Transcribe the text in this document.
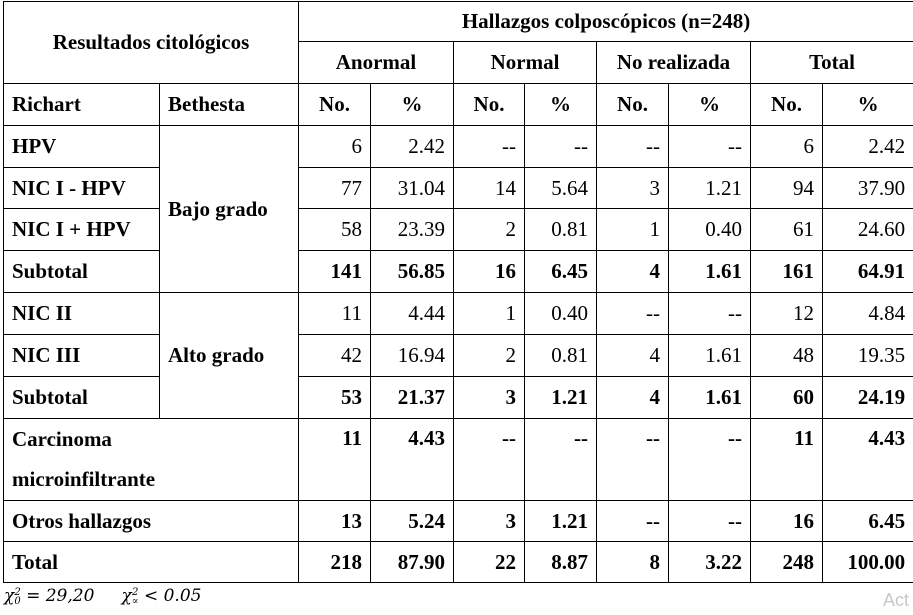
Resultados citológicos		Hallazgos colposcópicos (n=248)							
		Anormal		Normal		No realizada		Total	
Richart	Bethesta	No.	%	No.	%	No.	%	No.	%
HPV	Bajo grado	6	2.42	--	--	--	--	6	2.42
NIC I - HPV		77	31.04	14	5.64	3	1.21	94	37.90
NIC I + HPV		58	23.39	2	0.81	1	0.40	61	24.60
Subtotal		141	56.85	16	6.45	4	1.61	161	64.91
NIC II	Alto grado	11	4.44	1	0.40	--	--	12	4.84
NIC III		42	16.94	2	0.81	4	1.61	48	19.35
Subtotal		53	21.37	3	1.21	4	1.61	60	24.19
Carcinoma
microinfiltrante		11	4.43	--	--	--	--	11	4.43
Otros hallazgos		13	5.24	3	1.21	--	--	16	6.45
Total		218	87.90	22	8.87	8	3.22	248	100.00
χ 2
0 = 29,20 χ 2
∝ < 0.05	Act
